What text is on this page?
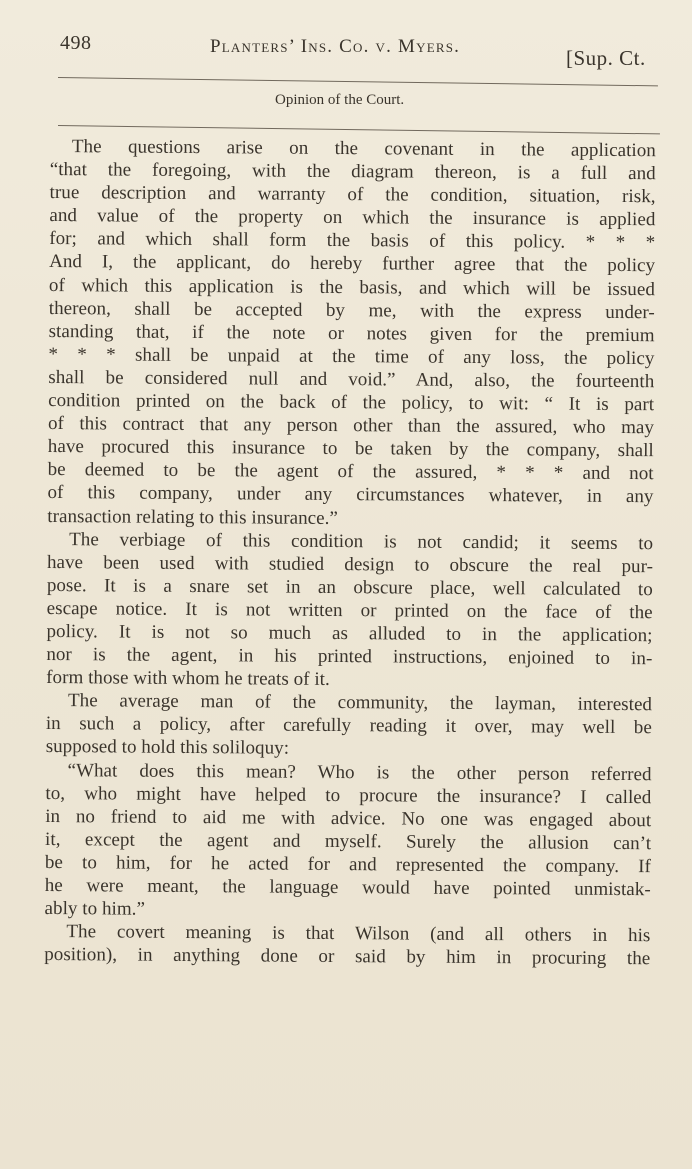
498	Planters’ Ins. Co. v. Myers.	[Sup. Ct.
Opinion of the Court.

The questions arise on the covenant in the application
“that the foregoing, with the diagram thereon, is a full and
true description and warranty of the condition, situation, risk,
and value of the property on which the insurance is applied
for; and which shall form the basis of this policy. * * *
And I, the applicant, do hereby further agree that the policy
of which this application is the basis, and which will be issued
thereon, shall be accepted by me, with the express under-
standing that, if the note or notes given for the premium
* * * shall be unpaid at the time of any loss, the policy
shall be considered null and void.” And, also, the fourteenth
condition printed on the back of the policy, to wit: “ It is part
of this contract that any person other than the assured, who may
have procured this insurance to be taken by the company, shall
be deemed to be the agent of the assured, * * * and not
of this company, under any circumstances whatever, in any
transaction relating to this insurance.”

The verbiage of this condition is not candid; it seems to
have been used with studied design to obscure the real pur-
pose. It is a snare set in an obscure place, well calculated to
escape notice. It is not written or printed on the face of the
policy. It is not so much as alluded to in the application;
nor is the agent, in his printed instructions, enjoined to in-
form those with whom he treats of it.

The average man of the community, the layman, interested
in such a policy, after carefully reading it over, may well be
supposed to hold this soliloquy:

“What does this mean? Who is the other person referred
to, who might have helped to procure the insurance? I called
in no friend to aid me with advice. No one was engaged about
it, except the agent and myself. Surely the allusion can’t
be to him, for he acted for and represented the company. If
he were meant, the language would have pointed unmistak-
ably to him.”

The covert meaning is that Wilson (and all others in his
position), in anything done or said by him in procuring the
